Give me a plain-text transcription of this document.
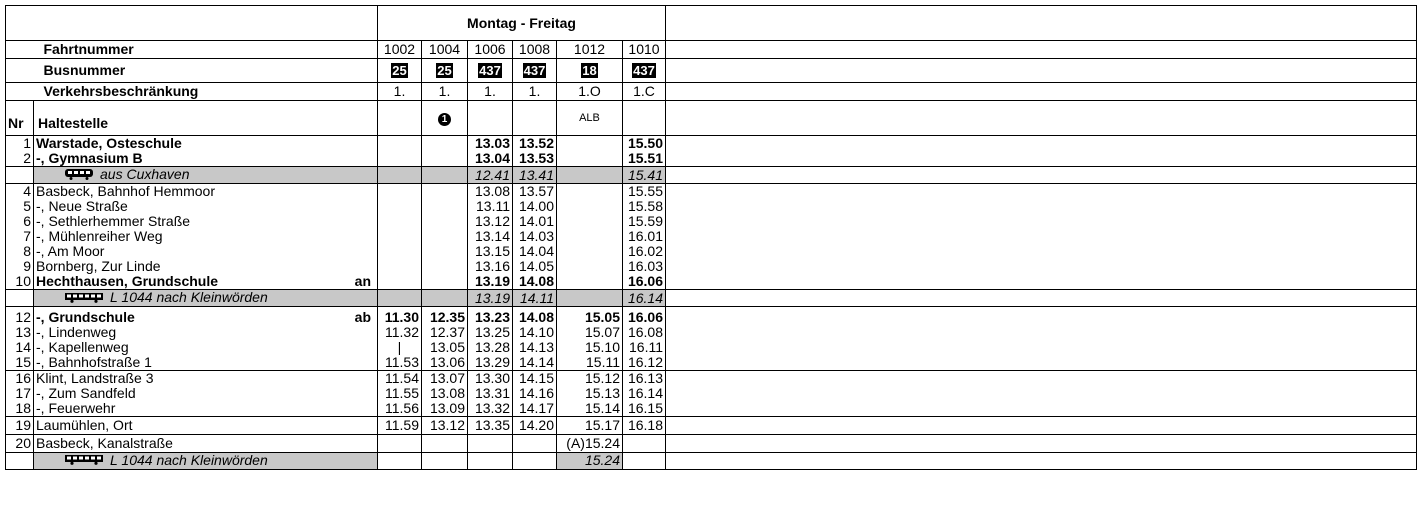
		Montag - Freitag						
	Fahrtnummer	1002	1004	1006	1008	1012	1010	
	Busnummer	25	25	437	437	18	437	
	Verkehrsbeschränkung	1.	1.	1.	1.	1.O	1.C	
Nr	Haltestelle		1			ALB		
1	Warstade, Osteschule			13.03	13.52		15.50	
2	-, Gymnasium B			13.04	13.53		15.51	
	aus Cuxhaven			12.41	13.41		15.41	
4	Basbeck, Bahnhof Hemmoor			13.08	13.57		15.55	
5	-, Neue Straße			13.11	14.00		15.58	
6	-, Sethlerhemmer Straße			13.12	14.01		15.59	
7	-, Mühlenreiher Weg			13.14	14.03		16.01	
8	-, Am Moor			13.15	14.04		16.02	
9	Bornberg, Zur Linde			13.16	14.05		16.03	
10	Hechthausen, Grundschule an			13.19	14.08		16.06	
	L 1044 nach Kleinwörden			13.19	14.11		16.14	

12	-, Grundschule ab	11.30	12.35	13.23	14.08	15.05	16.06	
13	-, Lindenweg	11.32	12.37	13.25	14.10	15.07	16.08	
14	-, Kapellenweg	|	13.05	13.28	14.13	15.10	16.11	
15	-, Bahnhofstraße 1	11.53	13.06	13.29	14.14	15.11	16.12	
16	Klint, Landstraße 3	11.54	13.07	13.30	14.15	15.12	16.13	
17	-, Zum Sandfeld	11.55	13.08	13.31	14.16	15.13	16.14	
18	-, Feuerwehr	11.56	13.09	13.32	14.17	15.14	16.15	
19	Laumühlen, Ort	11.59	13.12	13.35	14.20	15.17	16.18	
20	Basbeck, Kanalstraße					(A)15.24		
	L 1044 nach Kleinwörden					15.24		
